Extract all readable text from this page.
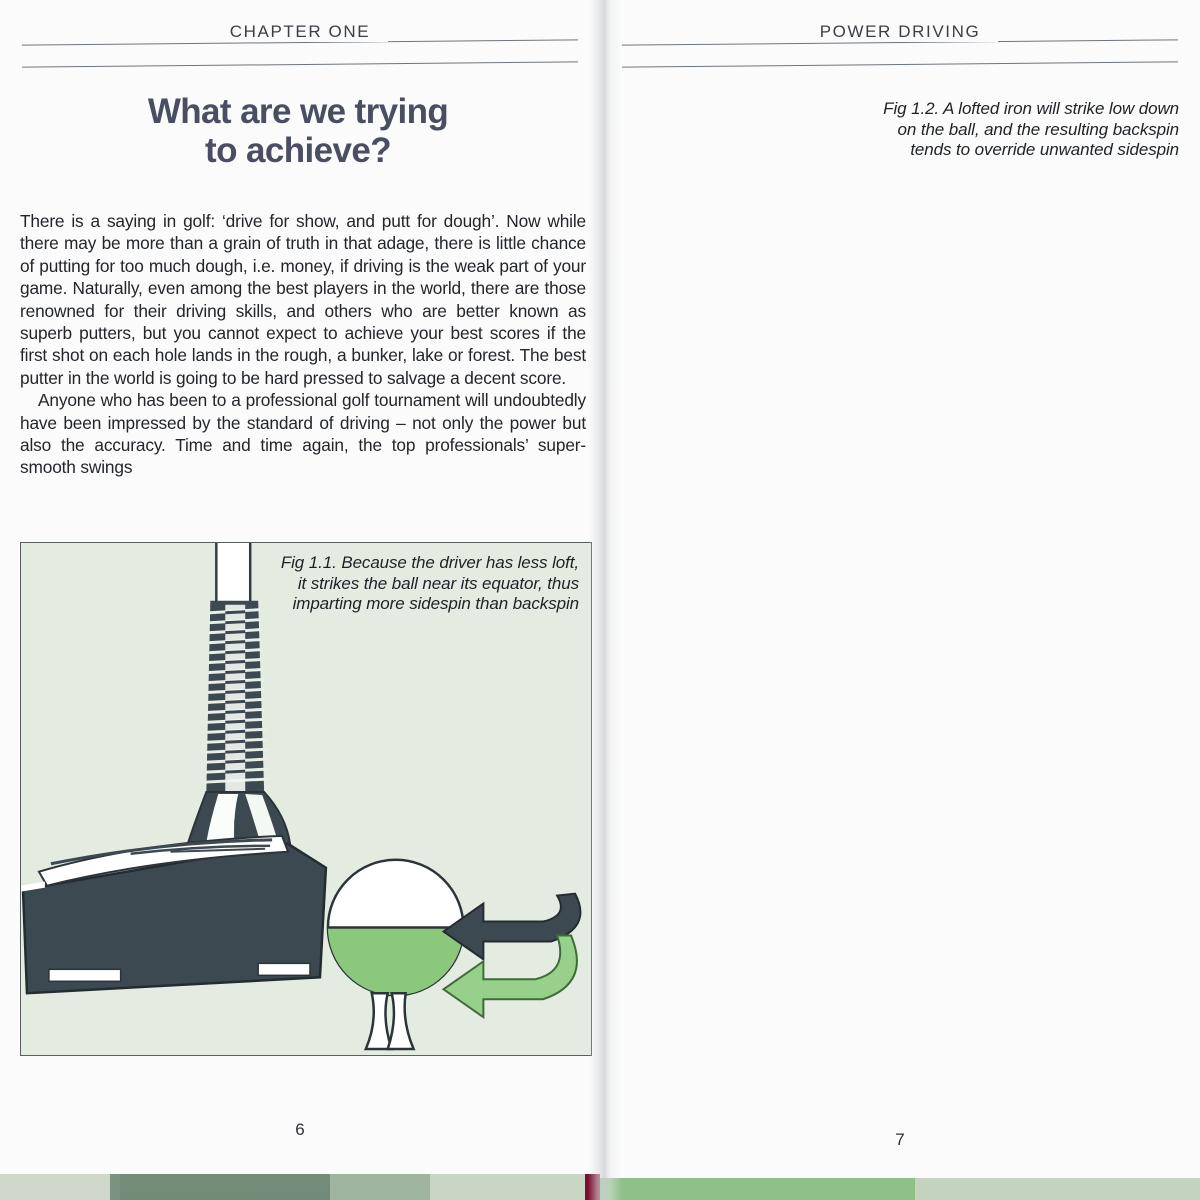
CHAPTER ONE
What are we trying
to achieve?

There is a saying in golf: ‘drive for show, and putt for dough’. Now while there may be more than a grain of truth in that adage, there is little chance of putting for too much dough, i.e. money, if driving is the weak part of your game. Naturally, even among the best players in the world, there are those renowned for their driving skills, and others who are better known as superb putters, but you cannot expect to achieve your best scores if the first shot on each hole lands in the rough, a bunker, lake or forest. The best putter in the world is going to be hard pressed to salvage a decent score.

Anyone who has been to a professional golf tournament will undoubtedly have been impressed by the standard of driving – not only the power but also the accuracy. Time and time again, the top professionals’ super-smooth swings

Fig 1.1. Because the driver has less loft, it strikes the ball near its equator, thus imparting more sidespin than backspin
6
POWER DRIVING
7
Fig 1.2. A lofted iron will strike low down on the ball, and the resulting backspin tends to override unwanted sidespin
